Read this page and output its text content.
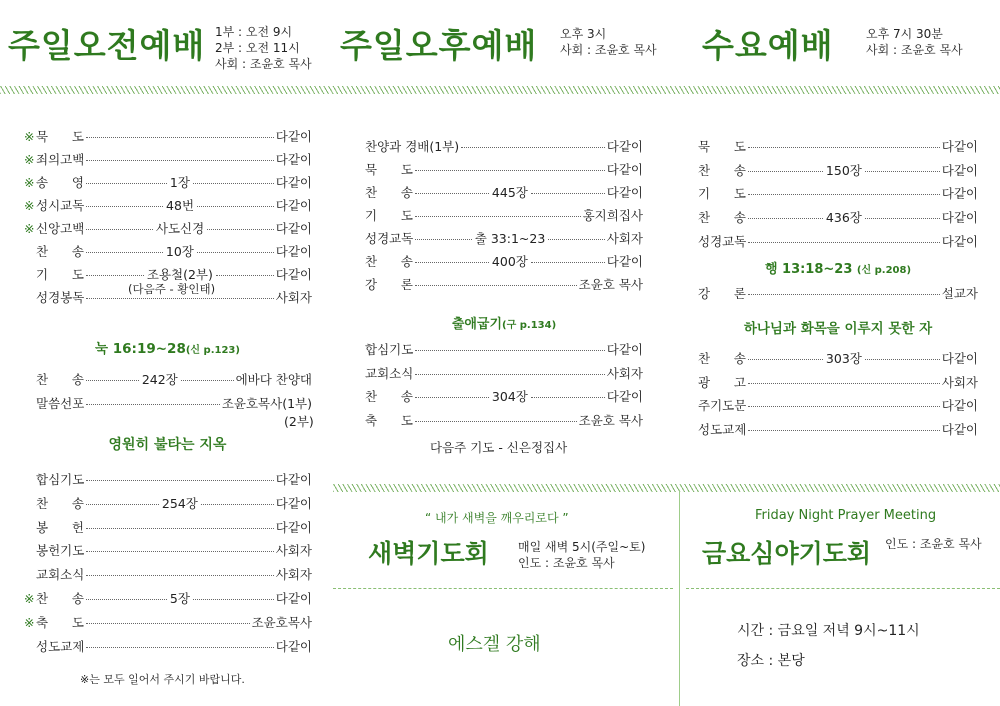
주일오전예배 1부 : 오전 9시
2부 : 오전 11시
사회 : 조윤호 목사 주일오후예배 오후 3시
사회 : 조윤호 목사 수요예배	오후 7시 30분
사회 : 조윤호 목사
※ 묵      도	다같이
※ 죄의고백	다같이
※ 송      영	1장	다같이
※ 성시교독	48번	다같이
※ 신앙고백	사도신경	다같이
찬      송	10장	다같이
기      도	조용철(2부)	다같이
성경봉독	사회자
(다음주 - 황인태)
눅 16:19~28(신 p.123)
찬      송	242장	에바다 찬양대
말씀선포	조윤호목사(1부)
(2부)
영원히 불타는 지옥
합심기도	다같이
찬      송	254장	다같이
봉      헌	다같이
봉헌기도	사회자
교회소식	사회자
※ 찬      송	5장	다같이
※ 축      도	조윤호목사
성도교제	다같이
※는 모두 일어서 주시기 바랍니다.
찬양과 경배(1부)	다같이
묵      도	다같이
찬      송	445장	다같이
기      도	홍지희집사
성경교독	출 33:1~23	사회자
찬      송	400장	다같이
강      론	조윤호 목사
출애굽기(구 p.134)
합심기도	다같이
교회소식	사회자
찬      송	304장	다같이
축      도	조윤호 목사
다음주 기도 - 신은정집사
묵      도	다같이
찬      송	150장	다같이
기      도	다같이
찬      송	436장	다같이
성경교독	다같이
행 13:18~23 (신 p.208)
강      론	설교자
하나님과 화목을 이루지 못한 자
찬      송	303장	다같이
광      고	사회자
주기도문	다같이
성도교제	다같이
“ 내가 새벽을 깨우리로다 ”
새벽기도회 매일 새벽 5시(주일~토)
인도 : 조윤호 목사
에스겔 강해
Friday Night Prayer Meeting
금요심야기도회 인도 : 조윤호 목사
시간 : 금요일 저녁 9시~11시
장소 : 본당
